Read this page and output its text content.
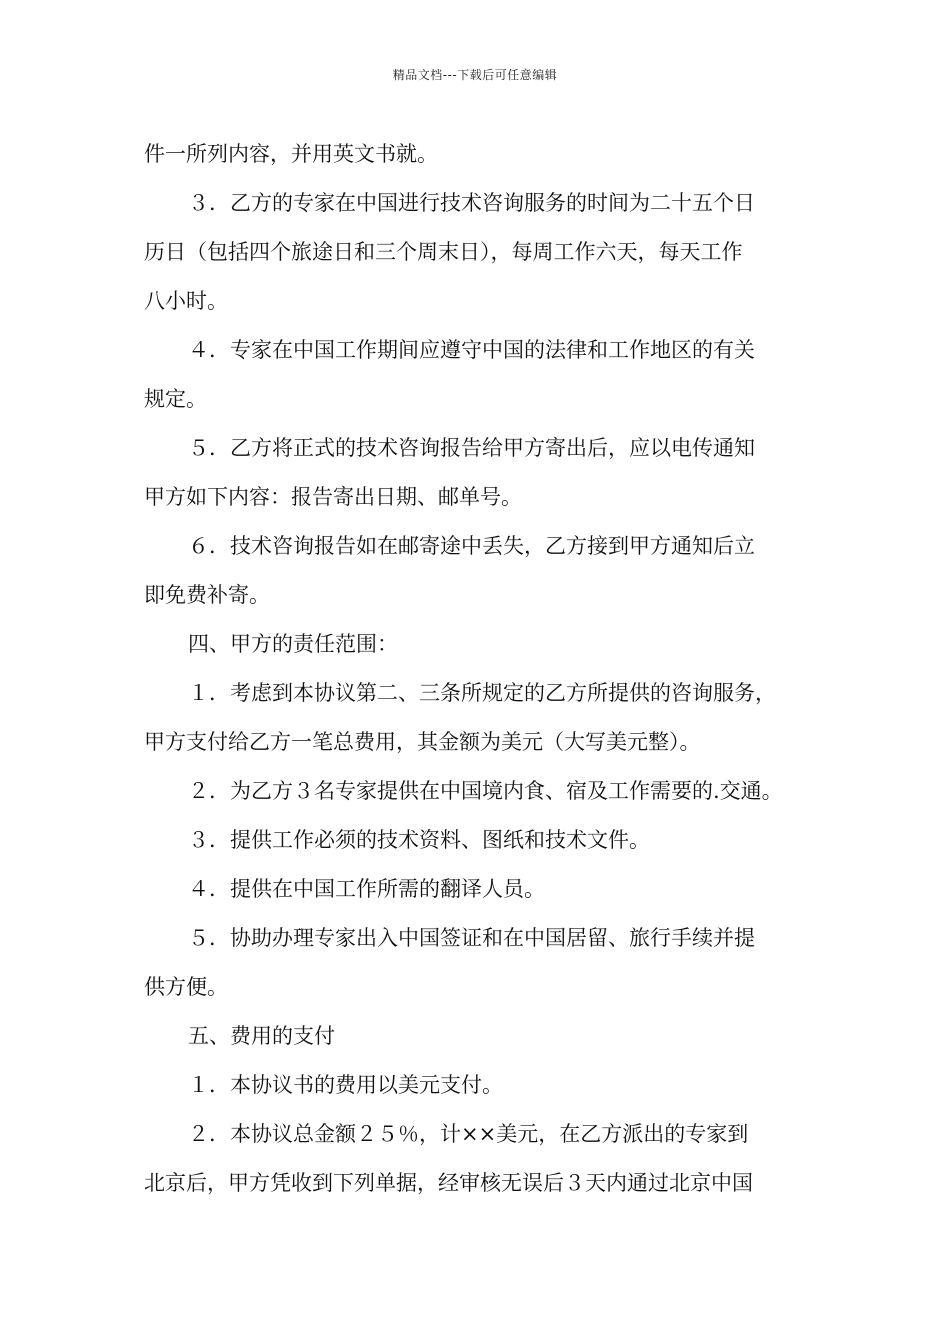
精品文档---下载后可任意编辑

件一所列内容，并用英文书就。

３．乙方的专家在中国进行技术咨询服务的时间为二十五个日

历日（包括四个旅途日和三个周末日），每周工作六天，每天工作

八小时。

４．专家在中国工作期间应遵守中国的法律和工作地区的有关

规定。

５．乙方将正式的技术咨询报告给甲方寄出后，应以电传通知

甲方如下内容：报告寄出日期、邮单号。

６．技术咨询报告如在邮寄途中丢失，乙方接到甲方通知后立

即免费补寄。

四、甲方的责任范围：

１．考虑到本协议第二、三条所规定的乙方所提供的咨询服务，

甲方支付给乙方一笔总费用，其金额为美元（大写美元整）。

２．为乙方３名专家提供在中国境内食、宿及工作需要的.交通。

３．提供工作必须的技术资料、图纸和技术文件。

４．提供在中国工作所需的翻译人员。

５．协助办理专家出入中国签证和在中国居留、旅行手续并提

供方便。

五、费用的支付

１．本协议书的费用以美元支付。

２．本协议总金额２５％，计××美元，在乙方派出的专家到

北京后，甲方凭收到下列单据，经审核无误后３天内通过北京中国
